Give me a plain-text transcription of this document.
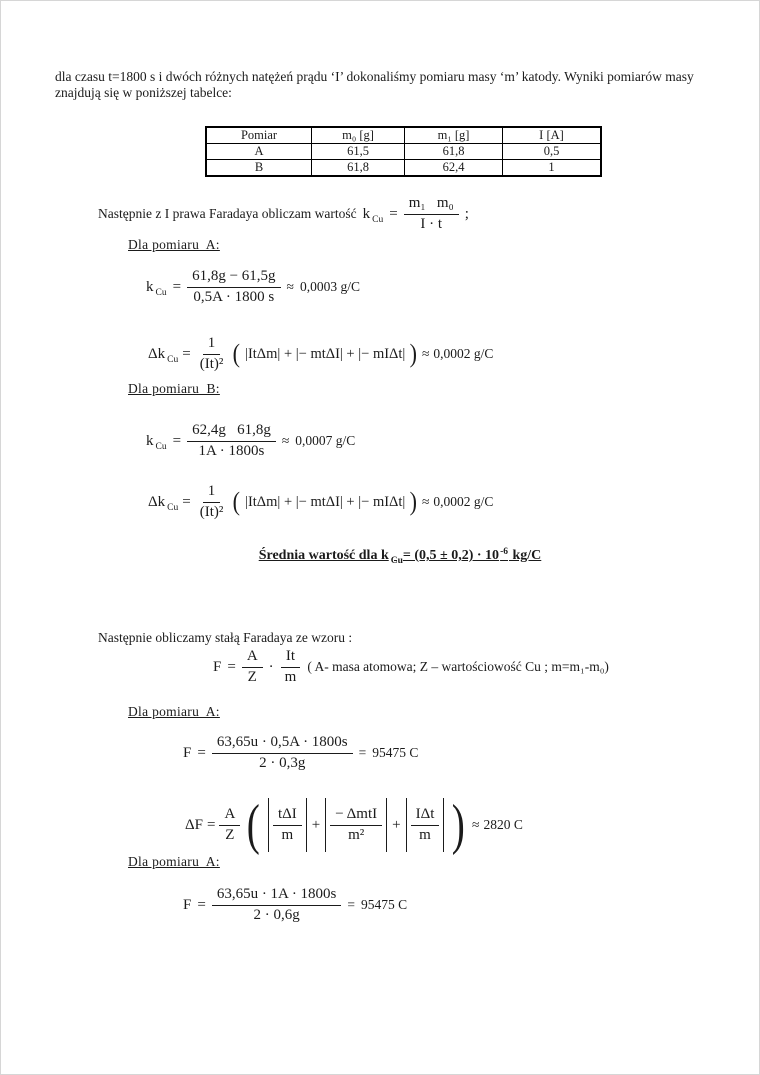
dla czasu t=1800 s i dwóch różnych natężeń prądu ‘I’ dokonaliśmy pomiaru masy ‘m’ katody. Wyniki pomiarów masy znajdują się w poniższej tabelce:
Pomiar	m₀ [g]	m₁ [g]	I [A]
A	61,5	61,8	0,5
B	61,8	62,4	1
Następnie z I prawa Faradaya obliczam wartość k $Cu = \frac{\text{m₁   m₀}}{I \cdot t}$ ;
Dla pomiaru  A:
k $Cu = \frac{61,8g - 61,5g}{0,5A \cdot 1800 s} \approx 0,0003$ g/C
Δk $Cu = \frac{1}{\text{(It)²}}$ ( |ItΔm| + |− mtΔI| + |− mIΔt| ) ≈ 0,0002 g/C
Dla pomiaru  B:
k $Cu = \frac{62,4g 61,8g}{1A \cdot 1800s} \approx 0,0007$ g/C
Δk $Cu = \frac{1}{\text{(It)²}}$ ( |ItΔm| + |− mtΔI| + |− mIΔt| ) ≈ 0,0002 g/C
Średnia wartość dla k $_{Cu}= (0,5 \pm 0,2) \cdot 10^{-6}$ kg/C
Następnie obliczamy stałą Faradaya ze wzoru :
$F = \frac{A}{Z} \cdot \frac{It}{m}$ ( A- masa atomowa; Z – wartościowość Cu ; m=m₁-m₀)
Dla pomiaru  A:
$F = \frac{63,65u \cdot 0,5A \cdot 1800s}{2 \cdot 0,3g} = 95475$ C
$\Delta F = \frac{A}{Z}$ ( $\frac{\text{tΔI}}{m} + \frac{\text{− ΔmtI}}{\text{m²}} + \frac{\text{IΔt}}{m}$ ) ≈ 2820 C
Dla pomiaru  A:
$F = \frac{63,65u \cdot 1A \cdot 1800s}{2 \cdot 0,6g} = 95475$ C
